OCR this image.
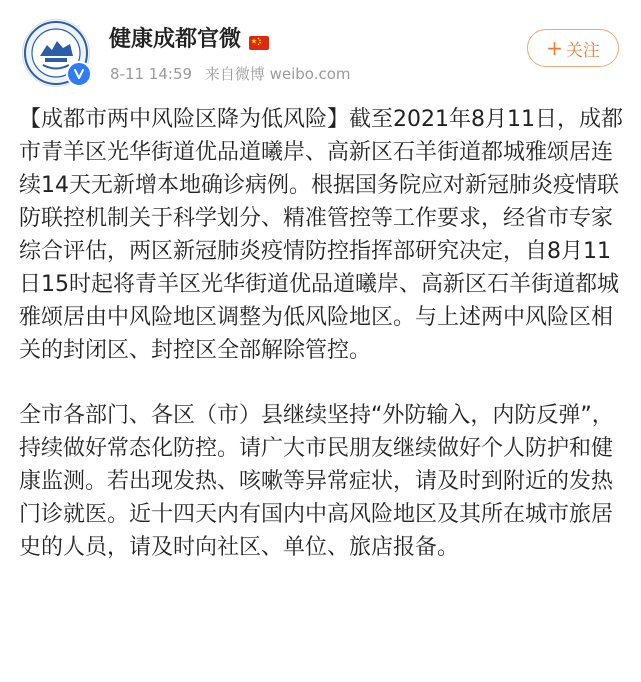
健康成都官微
8-11 14:59 来自微博 weibo.com
+ 关注

【成都市两中风险区降为低风险】截至2021年8月11日，成都市青羊区光华街道优品道曦岸、高新区石羊街道都城雅颂居连续14天无新增本地确诊病例。根据国务院应对新冠肺炎疫情联防联控机制关于科学划分、精准管控等工作要求，经省市专家综合评估，两区新冠肺炎疫情防控指挥部研究决定，自8月11日15时起将青羊区光华街道优品道曦岸、高新区石羊街道都城雅颂居由中风险地区调整为低风险地区。与上述两中风险区相关的封闭区、封控区全部解除管控。

全市各部门、各区（市）县继续坚持“外防输入，内防反弹”，持续做好常态化防控。请广大市民朋友继续做好个人防护和健康监测。若出现发热、咳嗽等异常症状，请及时到附近的发热门诊就医。近十四天内有国内中高风险地区及其所在城市旅居史的人员，请及时向社区、单位、旅店报备。
